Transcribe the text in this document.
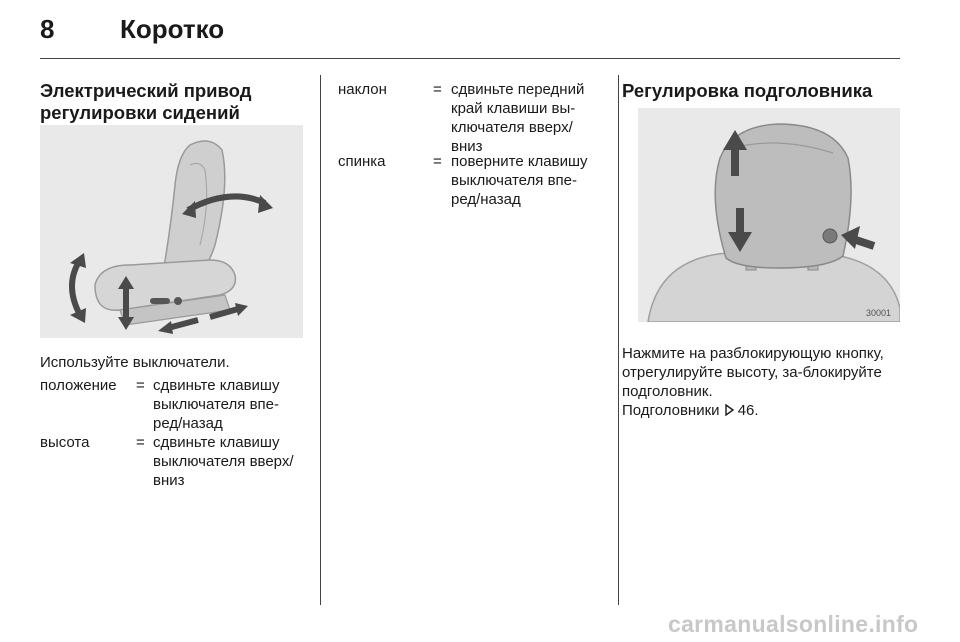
8	Коротко
Электрический привод регулировки сидений
Используйте выключатели.
положение = сдвиньте клавишу выключателя впе-ред/назад
высота	= сдвиньте клавишу выключателя вверх/вниз
наклон	= сдвиньте передний край клавиши вы-ключателя вверх/вниз
спинка	= поверните клавишу выключателя впе-ред/назад
Регулировка подголовника
30001
Нажмите на разблокирующую кнопку, отрегулируйте высоту, за-блокируйте подголовник.
Подголовники 46.
carmanualsonline.info
